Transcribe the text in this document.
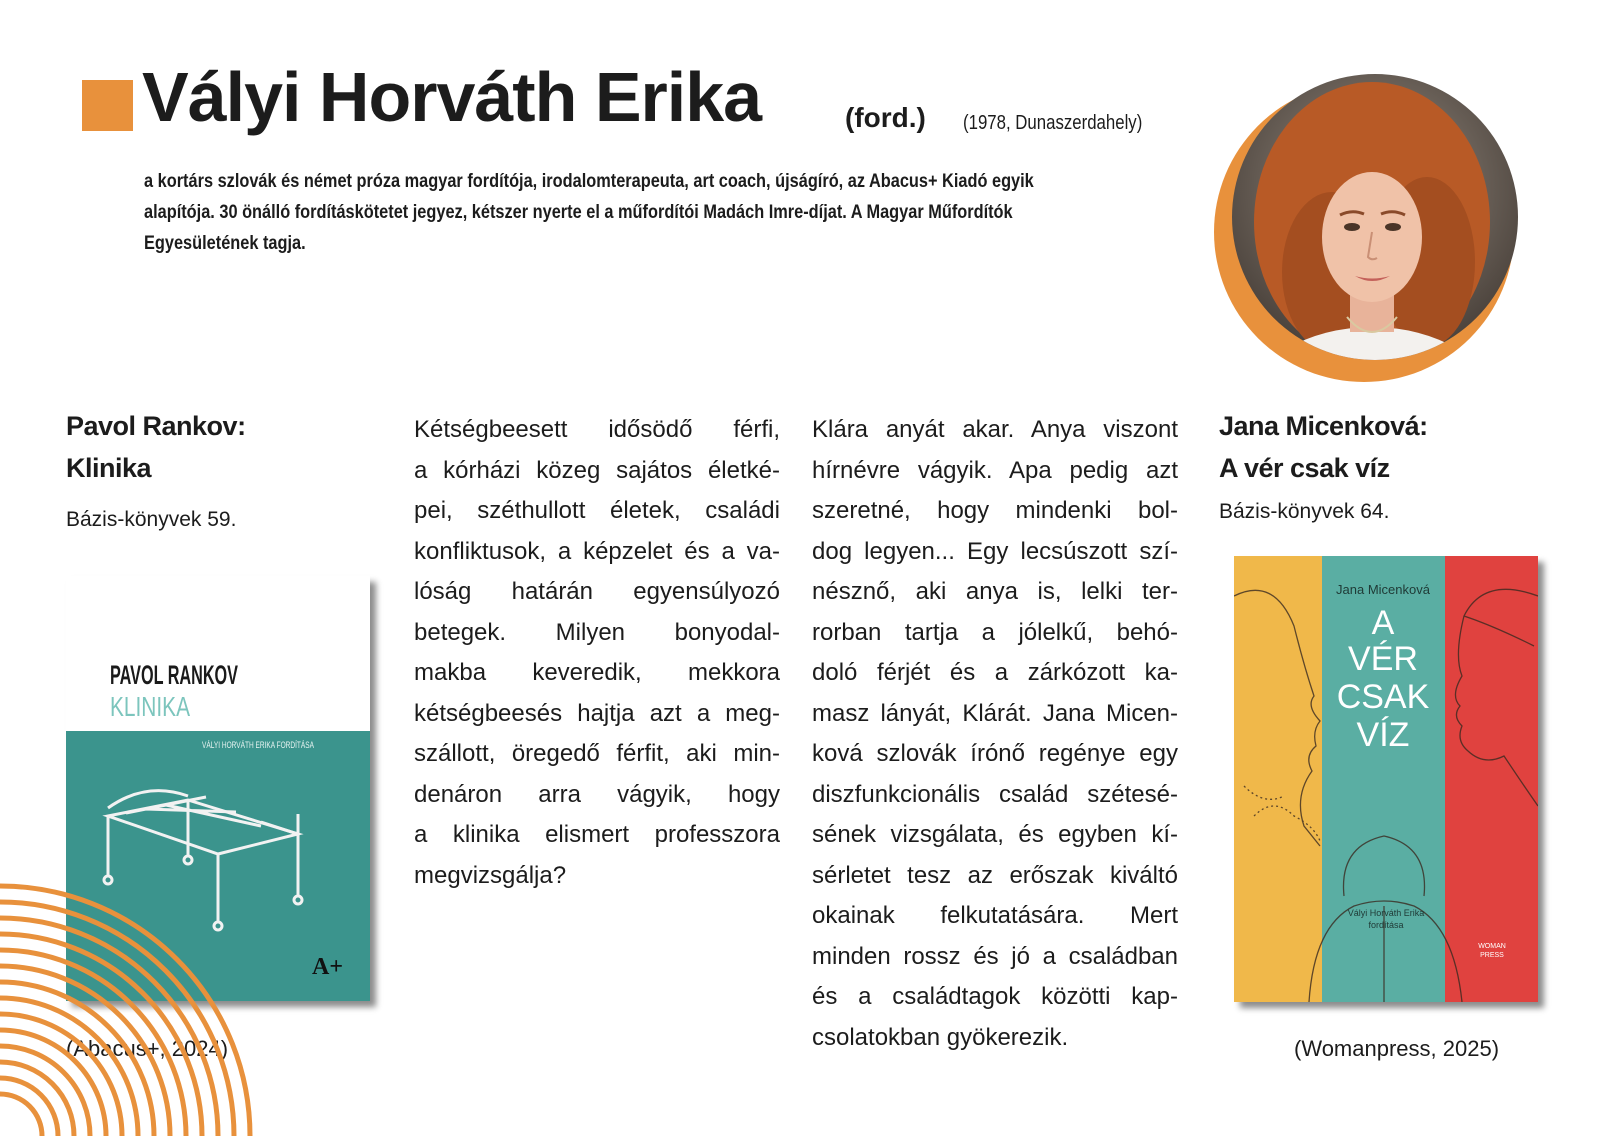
Vályi Horváth Erika	(ford.) (1978, Dunaszerdahely)
a kortárs szlovák és német próza magyar fordítója, irodalomterapeuta, art coach, újságíró, az Abacus+ Kiadó egyik
alapítója. 30 önálló fordításkötetet jegyez, kétszer nyerte el a műfordítói Madách Imre-díjat. A Magyar Műfordítók
Egyesületének tagja.
Pavol Rankov:
Klinika
Bázis-könyvek 59.
PAVOL RANKOV
KLINIKA
VÁLYI HORVÁTH ERIKA FORDÍTÁSA
A+
(Abacus+, 2024)
Kétségbeesett idősödő férfi,
a kórházi közeg sajátos életké-
pei, széthullott életek, családi
konfliktusok, a képzelet és a va-
lóság határán egyensúlyozó
betegek. Milyen bonyodal-
makba keveredik, mekkora
kétségbeesés hajtja azt a meg-
szállott, öregedő férfit, aki min-
denáron arra vágyik, hogy
a klinika elismert professzora
megvizsgálja?
Klára anyát akar. Anya viszont
hírnévre vágyik. Apa pedig azt
szeretné, hogy mindenki bol-
dog legyen... Egy lecsúszott szí-
nésznő, aki anya is, lelki ter-
rorban tartja a jólelkű, behó-
doló férjét és a zárkózott ka-
masz lányát, Klárát. Jana Micen-
ková szlovák írónő regénye egy
diszfunkcionális család szétesé-
sének vizsgálata, és egyben kí-
sérletet tesz az erőszak kiváltó
okainak felkutatására. Mert
minden rossz és jó a családban
és a családtagok közötti kap-
csolatokban gyökerezik.
Jana Micenková:
A vér csak víz
Bázis-könyvek 64.
Jana Micenková
A
VÉR
CSAK
VÍZ
Vályi Horváth Erika
fordítása
WOMAN
PRESS
(Womanpress, 2025)
